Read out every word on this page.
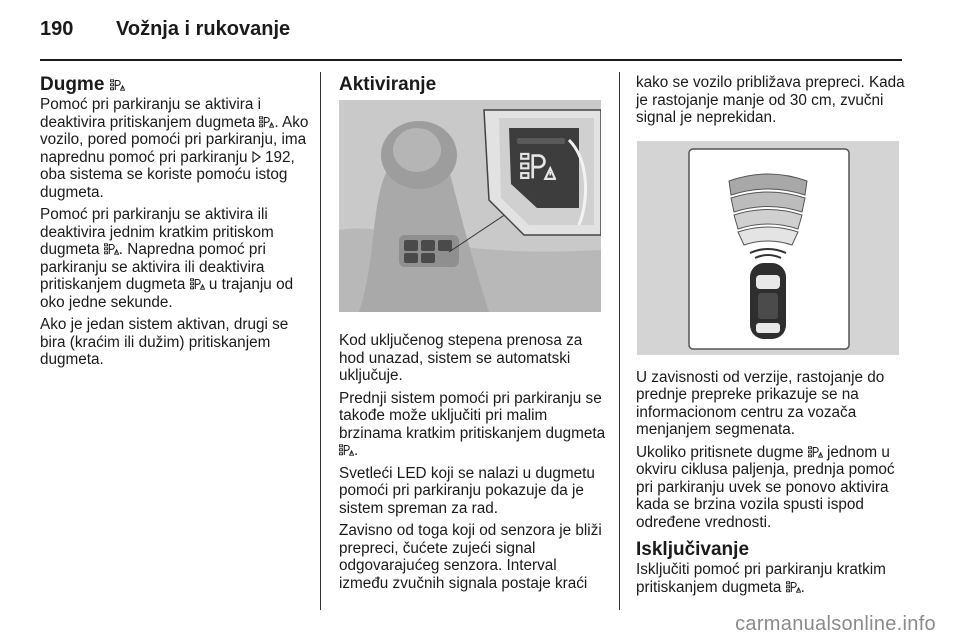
190 Vožnja i rukovanje
Dugme

Pomoć pri parkiranju se aktivira i deaktivira pritiskanjem dugmeta
. Ako vozilo, pored pomoći pri parkiranju, ima naprednu pomoć pri parkiranju
192, oba sistema se koriste pomoću istog dugmeta.

Pomoć pri parkiranju se aktivira ili deaktivira jednim kratkim pritiskom dugmeta
. Napredna pomoć pri parkiranju se aktivira ili deaktivira pritiskanjem dugmeta
u trajanju od oko jedne sekunde.

Ako je jedan sistem aktivan, drugi se bira (kraćim ili dužim) pritiskanjem dugmeta.

Aktiviranje

Kod uključenog stepena prenosa za hod unazad, sistem se automatski uključuje.

Prednji sistem pomoći pri parkiranju se takođe može uključiti pri malim brzinama kratkim pritiskanjem dugmeta
.

Svetleći LED koji se nalazi u dugmetu pomoći pri parkiranju pokazuje da je sistem spreman za rad.

Zavisno od toga koji od senzora je bliži prepreci, čućete zujeći signal odgovarajućeg senzora. Interval između zvučnih signala postaje kraći

kako se vozilo približava prepreci. Kada je rastojanje manje od 30 cm, zvučni signal je neprekidan.

U zavisnosti od verzije, rastojanje do prednje prepreke prikazuje se na informacionom centru za vozača menjanjem segmenata.

Ukoliko pritisnete dugme
jednom u okviru ciklusa paljenja, prednja pomoć pri parkiranju uvek se ponovo aktivira kada se brzina vozila spusti ispod određene vrednosti.

Isključivanje

Isključiti pomoć pri parkiranju kratkim pritiskanjem dugmeta
.

carmanualsonline.info
